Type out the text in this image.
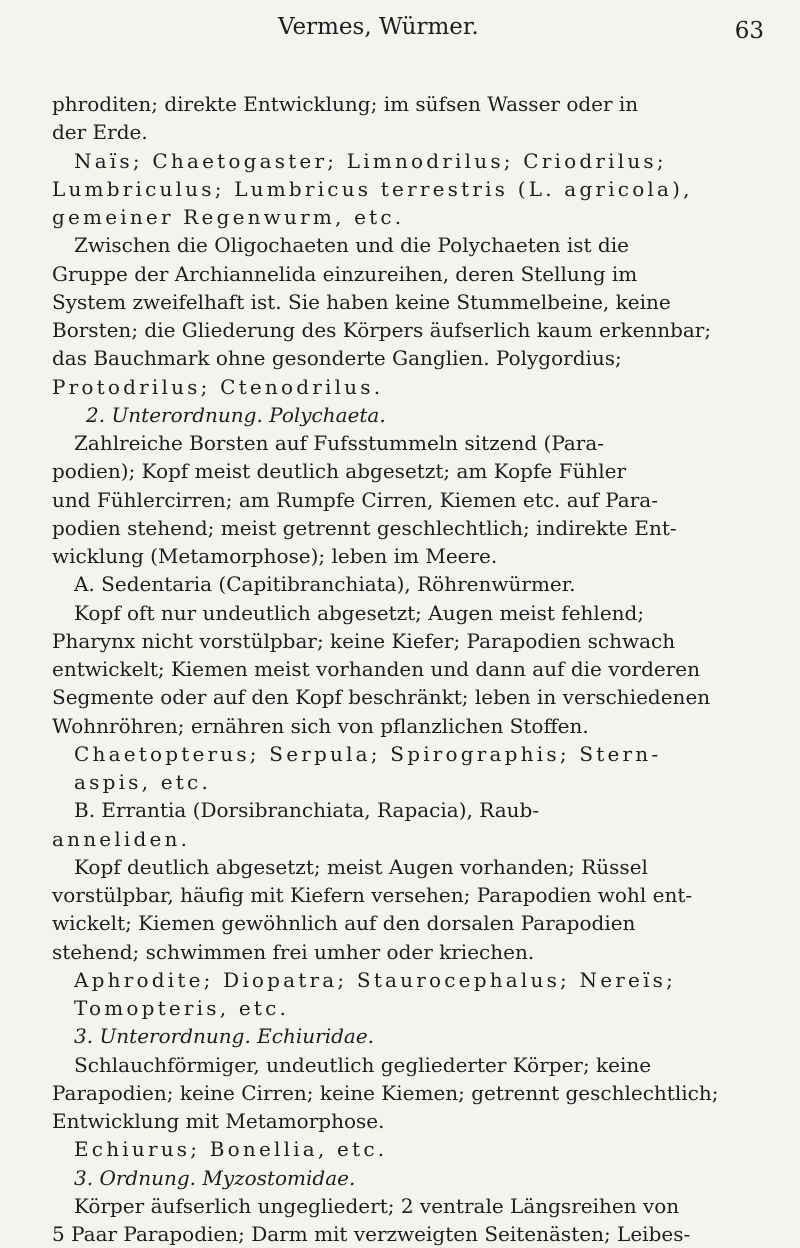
Vermes, Würmer.	63
phroditen; direkte Entwicklung; im süfsen Wasser oder in
der Erde.
Naïs; Chaetogaster; Limnodrilus; Criodrilus;
Lumbriculus; Lumbricus terrestris (L. agricola),
gemeiner Regenwurm, etc.
Zwischen die Oligochaeten und die Polychaeten ist die
Gruppe der Archiannelida einzureihen, deren Stellung im
System zweifelhaft ist. Sie haben keine Stummelbeine, keine
Borsten; die Gliederung des Körpers äufserlich kaum erkennbar;
das Bauchmark ohne gesonderte Ganglien. Polygordius;
Protodrilus; Ctenodrilus.
2. Unterordnung. Polychaeta.
Zahlreiche Borsten auf Fufsstummeln sitzend (Para-
podien); Kopf meist deutlich abgesetzt; am Kopfe Fühler
und Fühlercirren; am Rumpfe Cirren, Kiemen etc. auf Para-
podien stehend; meist getrennt geschlechtlich; indirekte Ent-
wicklung (Metamorphose); leben im Meere.
A. Sedentaria (Capitibranchiata), Röhrenwürmer.
Kopf oft nur undeutlich abgesetzt; Augen meist fehlend;
Pharynx nicht vorstülpbar; keine Kiefer; Parapodien schwach
entwickelt; Kiemen meist vorhanden und dann auf die vorderen
Segmente oder auf den Kopf beschränkt; leben in verschiedenen
Wohnröhren; ernähren sich von pflanzlichen Stoffen.
Chaetopterus; Serpula; Spirographis; Stern-
aspis, etc.
B. Errantia (Dorsibranchiata, Rapacia), Raub-
anneliden.
Kopf deutlich abgesetzt; meist Augen vorhanden; Rüssel
vorstülpbar, häufig mit Kiefern versehen; Parapodien wohl ent-
wickelt; Kiemen gewöhnlich auf den dorsalen Parapodien
stehend; schwimmen frei umher oder kriechen.
Aphrodite; Diopatra; Staurocephalus; Nereïs;
Tomopteris, etc.
3. Unterordnung. Echiuridae.
Schlauchförmiger, undeutlich gegliederter Körper; keine
Parapodien; keine Cirren; keine Kiemen; getrennt geschlechtlich;
Entwicklung mit Metamorphose.
Echiurus; Bonellia, etc.
3. Ordnung. Myzostomidae.
Körper äufserlich ungegliedert; 2 ventrale Längsreihen von
5 Paar Parapodien; Darm mit verzweigten Seitenästen; Leibes-
